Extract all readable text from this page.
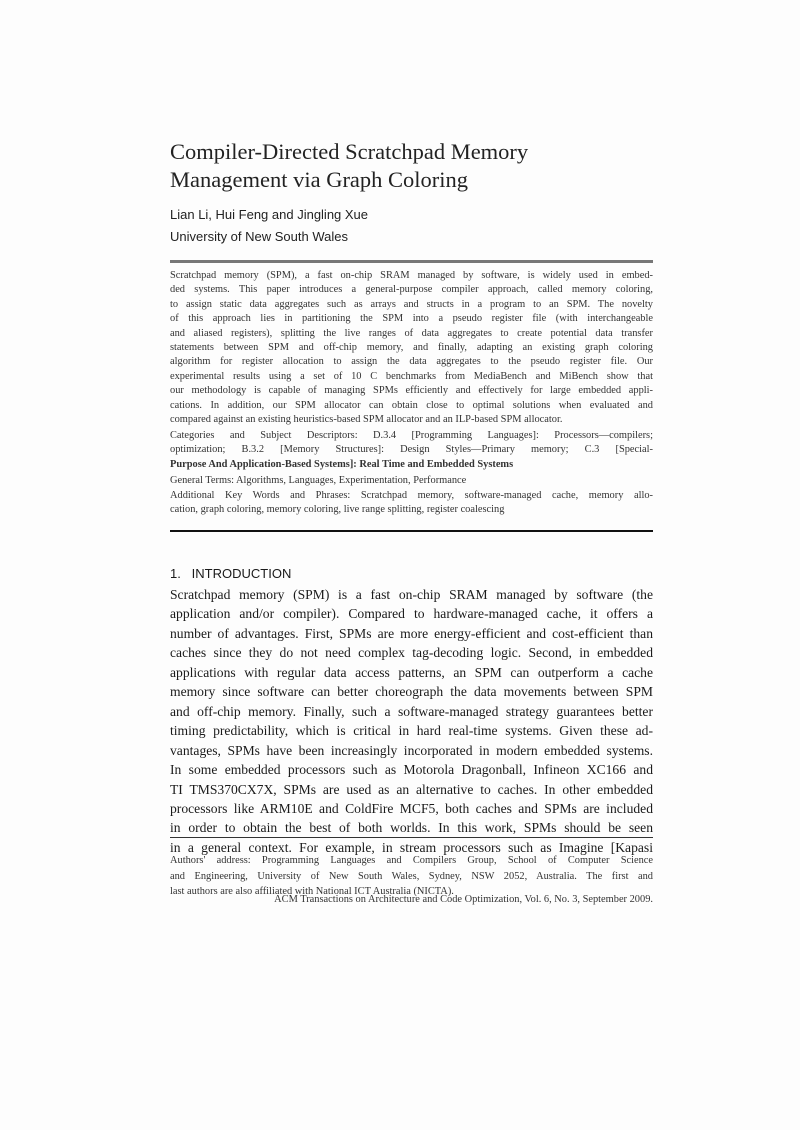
Compiler-Directed Scratchpad Memory
Management via Graph Coloring
Lian Li, Hui Feng and Jingling Xue
University of New South Wales
Scratchpad memory (SPM), a fast on-chip SRAM managed by software, is widely used in embed-
ded systems. This paper introduces a general-purpose compiler approach, called memory coloring,
to assign static data aggregates such as arrays and structs in a program to an SPM. The novelty
of this approach lies in partitioning the SPM into a pseudo register file (with interchangeable
and aliased registers), splitting the live ranges of data aggregates to create potential data transfer
statements between SPM and off-chip memory, and finally, adapting an existing graph coloring
algorithm for register allocation to assign the data aggregates to the pseudo register file. Our
experimental results using a set of 10 C benchmarks from MediaBench and MiBench show that
our methodology is capable of managing SPMs efficiently and effectively for large embedded appli-
cations. In addition, our SPM allocator can obtain close to optimal solutions when evaluated and
compared against an existing heuristics-based SPM allocator and an ILP-based SPM allocator.
Categories and Subject Descriptors: D.3.4 [Programming Languages]: Processors—compilers;
optimization; B.3.2 [Memory Structures]: Design Styles—Primary memory; C.3 [Special-
Purpose And Application-Based Systems]: Real Time and Embedded Systems
General Terms: Algorithms, Languages, Experimentation, Performance
Additional Key Words and Phrases: Scratchpad memory, software-managed cache, memory allo-
cation, graph coloring, memory coloring, live range splitting, register coalescing
1.   INTRODUCTION
Scratchpad memory (SPM) is a fast on-chip SRAM managed by software (the
application and/or compiler). Compared to hardware-managed cache, it offers a
number of advantages. First, SPMs are more energy-efficient and cost-efficient than
caches since they do not need complex tag-decoding logic. Second, in embedded
applications with regular data access patterns, an SPM can outperform a cache
memory since software can better choreograph the data movements between SPM
and off-chip memory. Finally, such a software-managed strategy guarantees better
timing predictability, which is critical in hard real-time systems. Given these ad-
vantages, SPMs have been increasingly incorporated in modern embedded systems.
In some embedded processors such as Motorola Dragonball, Infineon XC166 and
TI TMS370CX7X, SPMs are used as an alternative to caches. In other embedded
processors like ARM10E and ColdFire MCF5, both caches and SPMs are included
in order to obtain the best of both worlds. In this work, SPMs should be seen
in a general context. For example, in stream processors such as Imagine [Kapasi
Authors' address: Programming Languages and Compilers Group, School of Computer Science
and Engineering, University of New South Wales, Sydney, NSW 2052, Australia. The first and
last authors are also affiliated with National ICT Australia (NICTA).
ACM Transactions on Architecture and Code Optimization, Vol. 6, No. 3, September 2009.
